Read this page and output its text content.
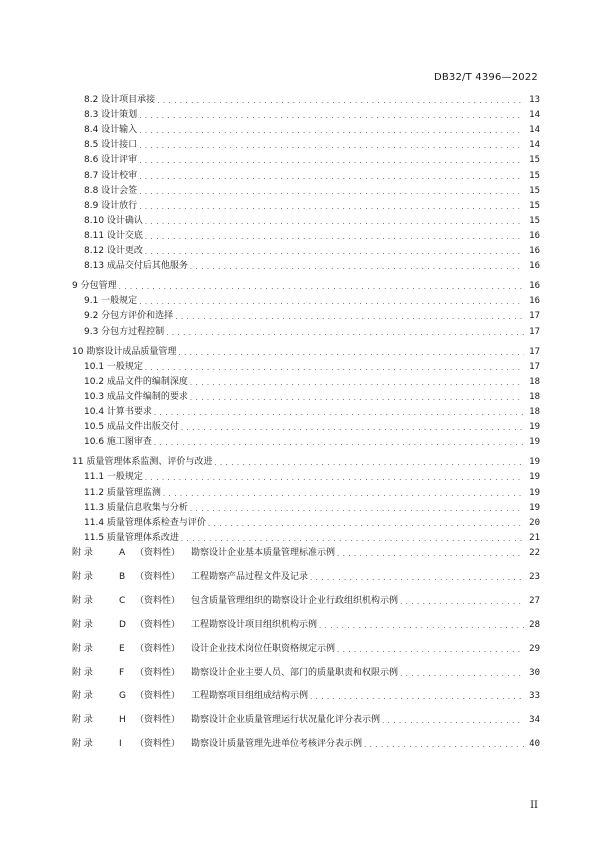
DB32/T 4396—2022
8.2 设计项目承接 . . .	13
8.3 设计策划 . . .	14
8.4 设计输入 . . .	14
8.5 设计接口 . . .	14
8.6 设计评审 . . .	15
8.7 设计校审 . . .	15
8.8 设计会签 . . .	15
8.9 设计放行 . . .	15
8.10 设计确认 . . .	15
8.11 设计交底 . . .	16
8.12 设计更改 . . .	16
8.13 成品交付后其他服务 . . .	16
9 分包管理 . . .	16
9.1 一般规定 . . .	16
9.2 分包方评价和选择 . . .	17
9.3 分包方过程控制 . . .	17
10 勘察设计成品质量管理 . . .	17
10.1 一般规定 . . .	17
10.2 成品文件的编制深度 . . .	18
10.3 成品文件编制的要求 . . .	18
10.4 计算书要求 . . .	18
10.5 成品文件出版交付 . . .	19
10.6 施工图审查 . . .	19
11 质量管理体系监测、评价与改进 . . .	19
11.1 一般规定 . . .	19
11.2 质量管理监测 . . .	19
11.3 质量信息收集与分析 . . .	19
11.4 质量管理体系检查与评价 . . .	20
11.5 质量管理体系改进 . . .	21
附 录	A （资料性） 勘察设计企业基本质量管理标准示例 . . .	22
附 录	B （资料性） 工程勘察产品过程文件及记录 . . .	23
附 录	C （资料性） 包含质量管理组织的勘察设计企业行政组织机构示例 . . .	27
附 录	D （资料性） 工程勘察设计项目组织机构示例 . . .	28
附 录	E （资料性） 设计企业技术岗位任职资格规定示例 . . .	29
附 录	F （资料性） 勘察设计企业主要人员、部门的质量职责和权限示例 . . .	30
附 录	G （资料性） 工程勘察项目组组成结构示例 . . .	33
附 录	H （资料性） 勘察设计企业质量管理运行状况量化评分表示例 . . .	34
附 录	I （资料性） 勘察设计质量管理先进单位考核评分表示例 . . .	40
II
